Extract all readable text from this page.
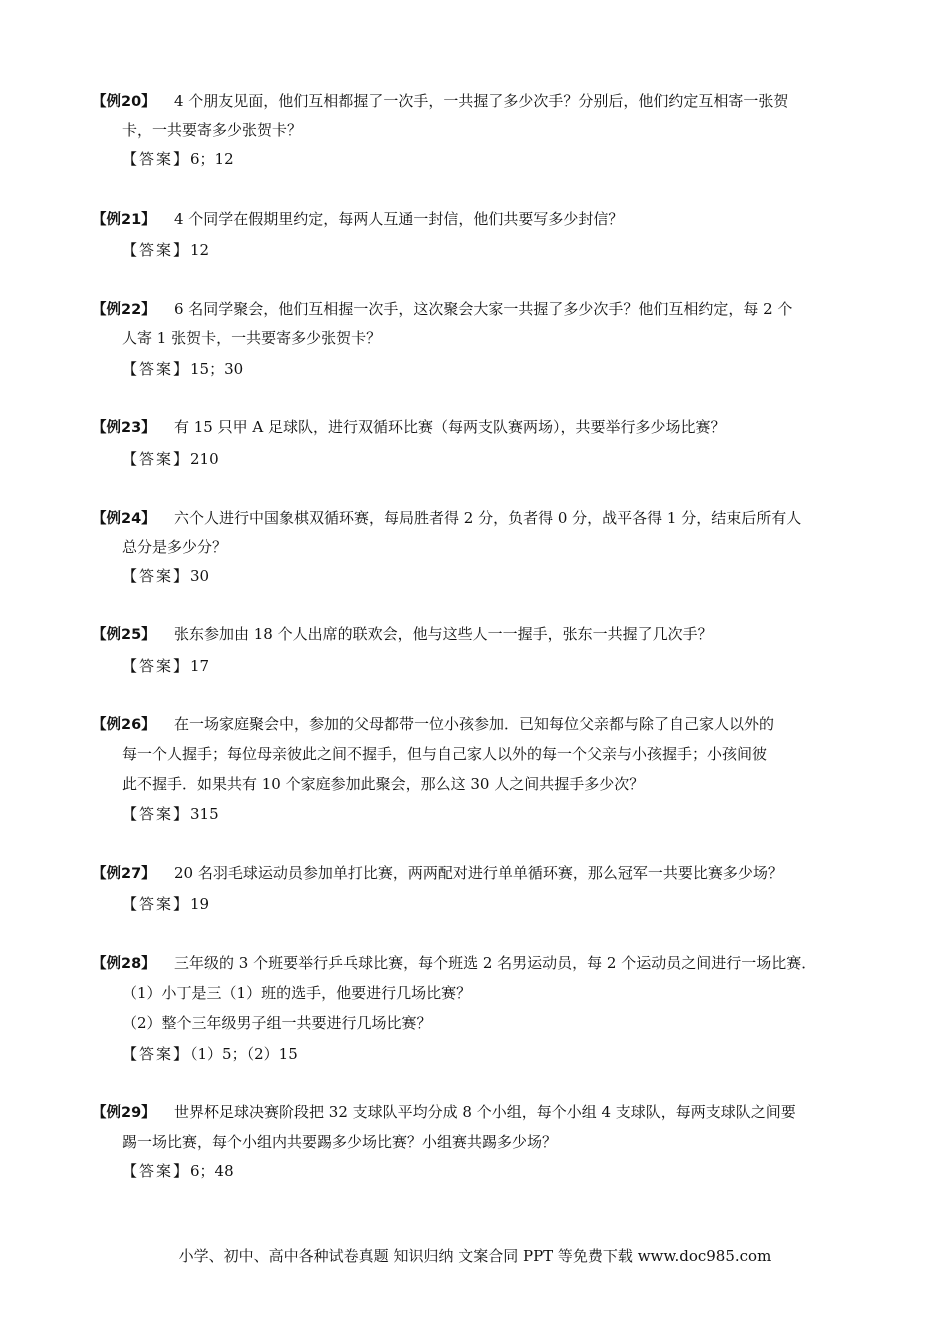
【例20】 4 个朋友见面，他们互相都握了一次手，一共握了多少次手？分别后，他们约定互相寄一张贺
卡，一共要寄多少张贺卡？
【答案】6；12
【例21】 4 个同学在假期里约定，每两人互通一封信，他们共要写多少封信？
【答案】12
【例22】 6 名同学聚会，他们互相握一次手，这次聚会大家一共握了多少次手？他们互相约定，每 2 个
人寄 1 张贺卡，一共要寄多少张贺卡？
【答案】15；30
【例23】 有 15 只甲 A 足球队，进行双循环比赛（每两支队赛两场），共要举行多少场比赛？
【答案】210
【例24】 六个人进行中国象棋双循环赛，每局胜者得 2 分，负者得 0 分，战平各得 1 分，结束后所有人
总分是多少分？
【答案】30
【例25】 张东参加由 18 个人出席的联欢会，他与这些人一一握手，张东一共握了几次手？
【答案】17
【例26】 在一场家庭聚会中，参加的父母都带一位小孩参加．已知每位父亲都与除了自己家人以外的
每一个人握手；每位母亲彼此之间不握手，但与自己家人以外的每一个父亲与小孩握手；小孩间彼
此不握手．如果共有 10 个家庭参加此聚会，那么这 30 人之间共握手多少次？
【答案】315
【例27】 20 名羽毛球运动员参加单打比赛，两两配对进行单单循环赛，那么冠军一共要比赛多少场？
【答案】19
【例28】 三年级的 3 个班要举行乒乓球比赛，每个班选 2 名男运动员，每 2 个运动员之间进行一场比赛．
（1）小丁是三（1）班的选手，他要进行几场比赛？
（2）整个三年级男子组一共要进行几场比赛？
【答案】（1）5；（2）15
【例29】 世界杯足球决赛阶段把 32 支球队平均分成 8 个小组，每个小组 4 支球队，每两支球队之间要
踢一场比赛，每个小组内共要踢多少场比赛？小组赛共踢多少场？
【答案】6；48
小学、初中、高中各种试卷真题 知识归纳 文案合同 PPT 等免费下载 www.doc985.com
